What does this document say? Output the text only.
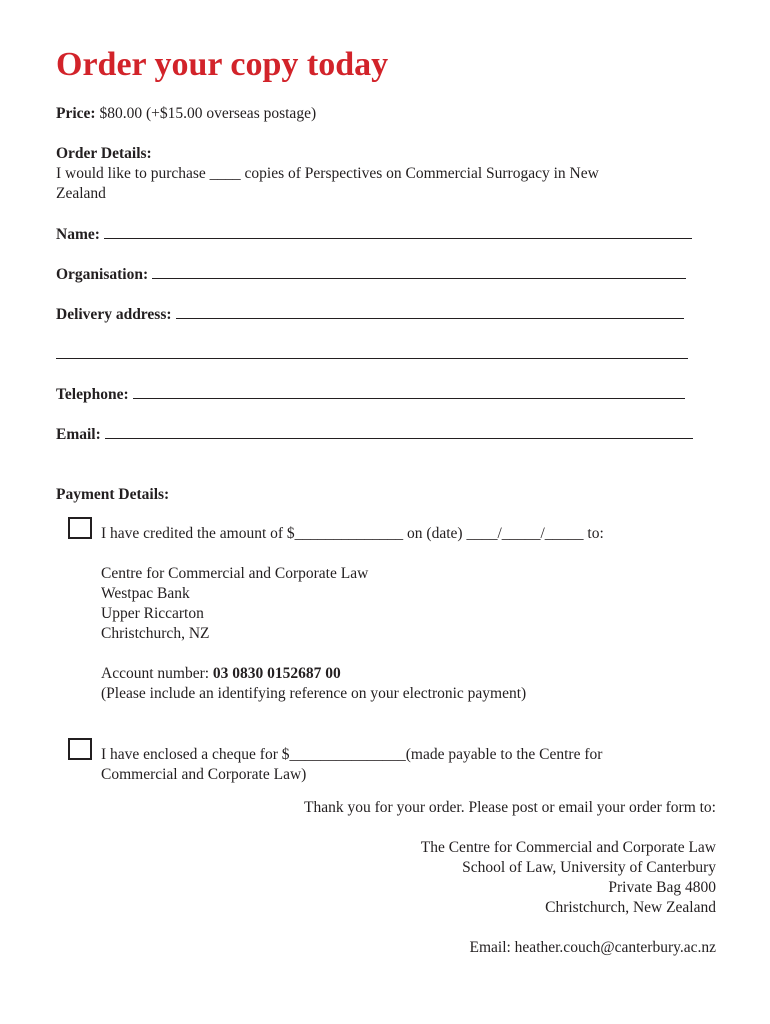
Order your copy today
Price: $80.00 (+$15.00 overseas postage)
Order Details:
I would like to purchase ____ copies of Perspectives on Commercial Surrogacy in New
Zealand
Name:
Organisation:
Delivery address:
Telephone:
Email:
Payment Details:
I have credited the amount of $______________ on (date) ____/_____/_____ to:
Centre for Commercial and Corporate Law
Westpac Bank
Upper Riccarton
Christchurch, NZ
Account number: 03 0830 0152687 00
(Please include an identifying reference on your electronic payment)
I have enclosed a cheque for $_______________(made payable to the Centre for
Commercial and Corporate Law)
Thank you for your order. Please post or email your order form to:
The Centre for Commercial and Corporate Law
School of Law, University of Canterbury
Private Bag 4800
Christchurch, New Zealand
Email: heather.couch@canterbury.ac.nz
